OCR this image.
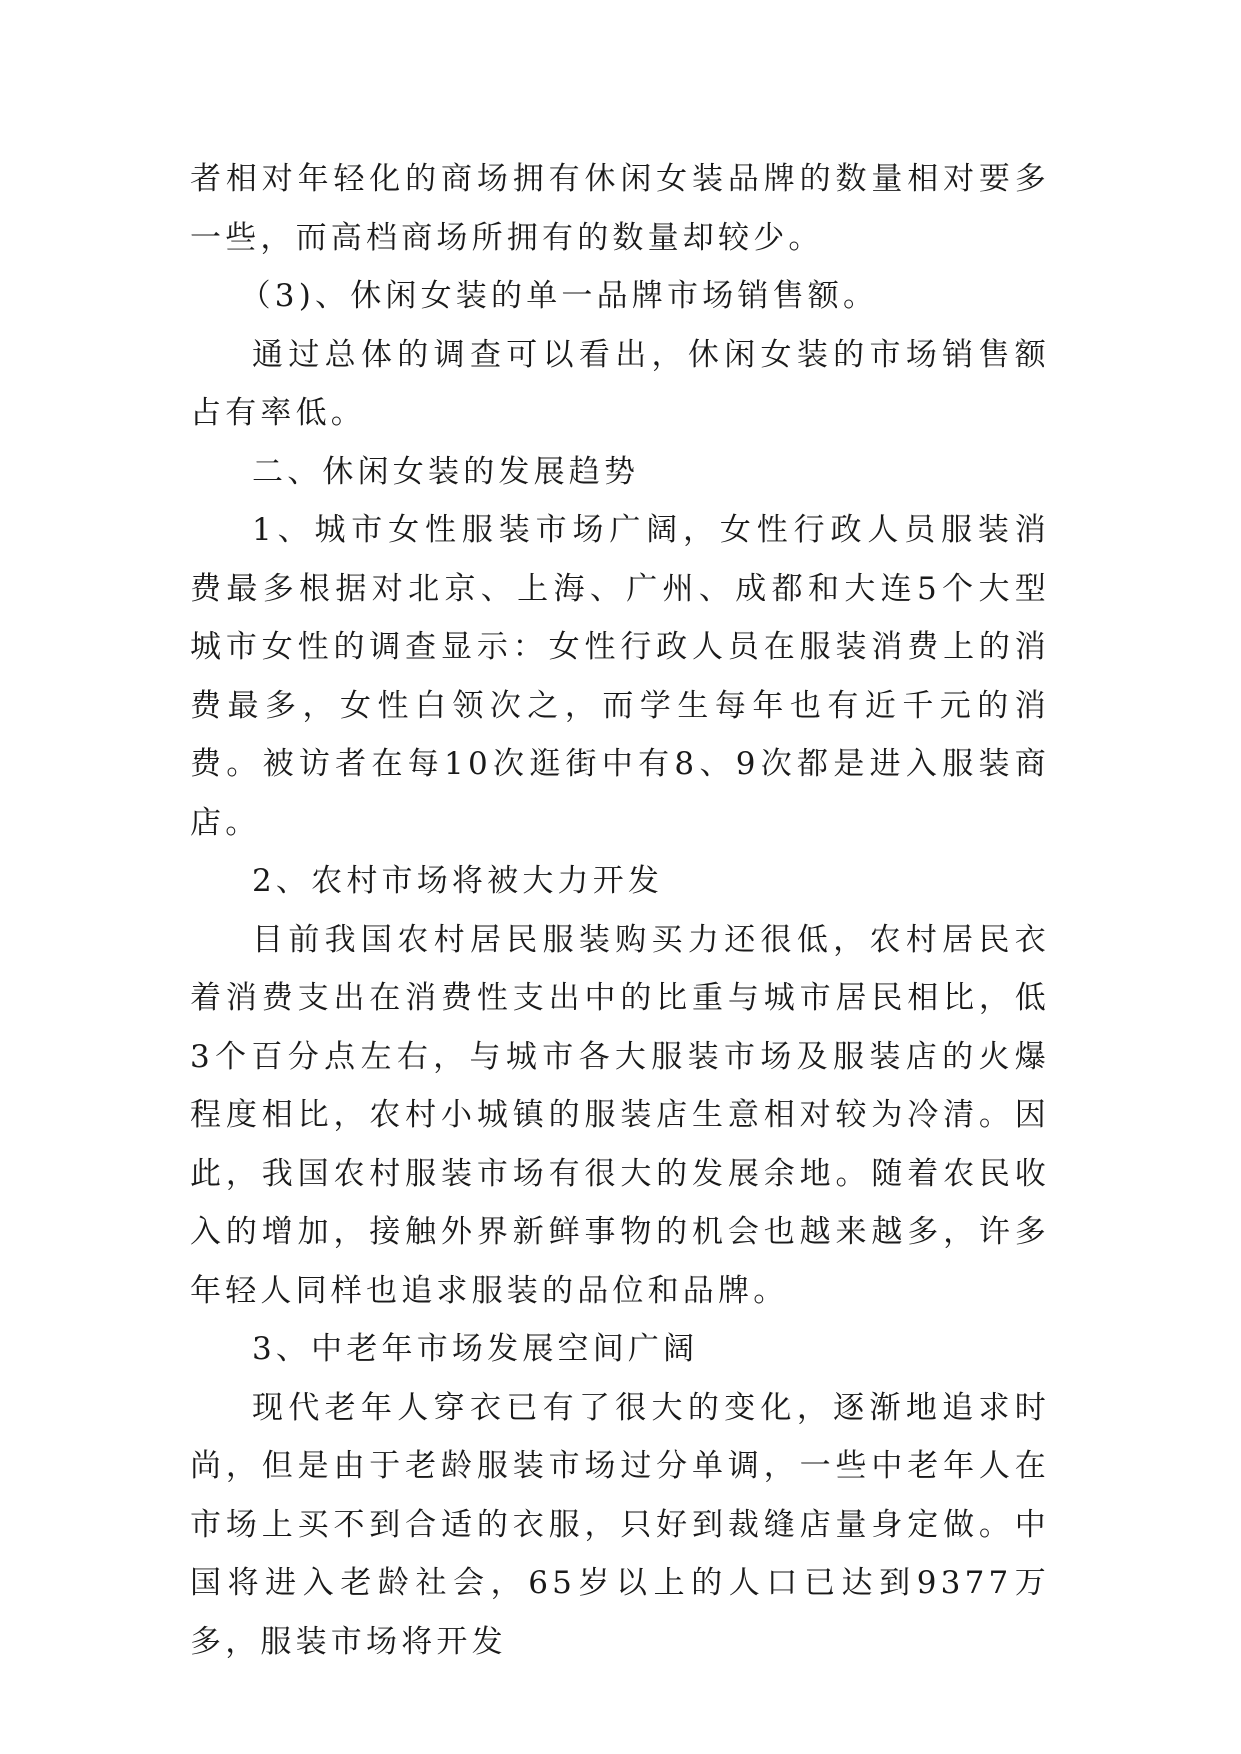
者相对年轻化的商场拥有休闲女装品牌的数量相对要多一些，而高档商场所拥有的数量却较少。

（3)、休闲女装的单一品牌市场销售额。

通过总体的调查可以看出，休闲女装的市场销售额占有率低。

二、休闲女装的发展趋势

1、城市女性服装市场广阔，女性行政人员服装消费最多根据对北京、上海、广州、成都和大连5个大型城市女性的调查显示：女性行政人员在服装消费上的消费最多，女性白领次之，而学生每年也有近千元的消费。被访者在每10次逛街中有8、9次都是进入服装商店。

2、农村市场将被大力开发

目前我国农村居民服装购买力还很低，农村居民衣着消费支出在消费性支出中的比重与城市居民相比，低3个百分点左右，与城市各大服装市场及服装店的火爆程度相比，农村小城镇的服装店生意相对较为冷清。因此，我国农村服装市场有很大的发展余地。随着农民收入的增加，接触外界新鲜事物的机会也越来越多，许多年轻人同样也追求服装的品位和品牌。

3、中老年市场发展空间广阔

现代老年人穿衣已有了很大的变化，逐渐地追求时尚，但是由于老龄服装市场过分单调，一些中老年人在市场上买不到合适的衣服，只好到裁缝店量身定做。中国将进入老龄社会，65岁以上的人口已达到9377万多，服装市场将开发
